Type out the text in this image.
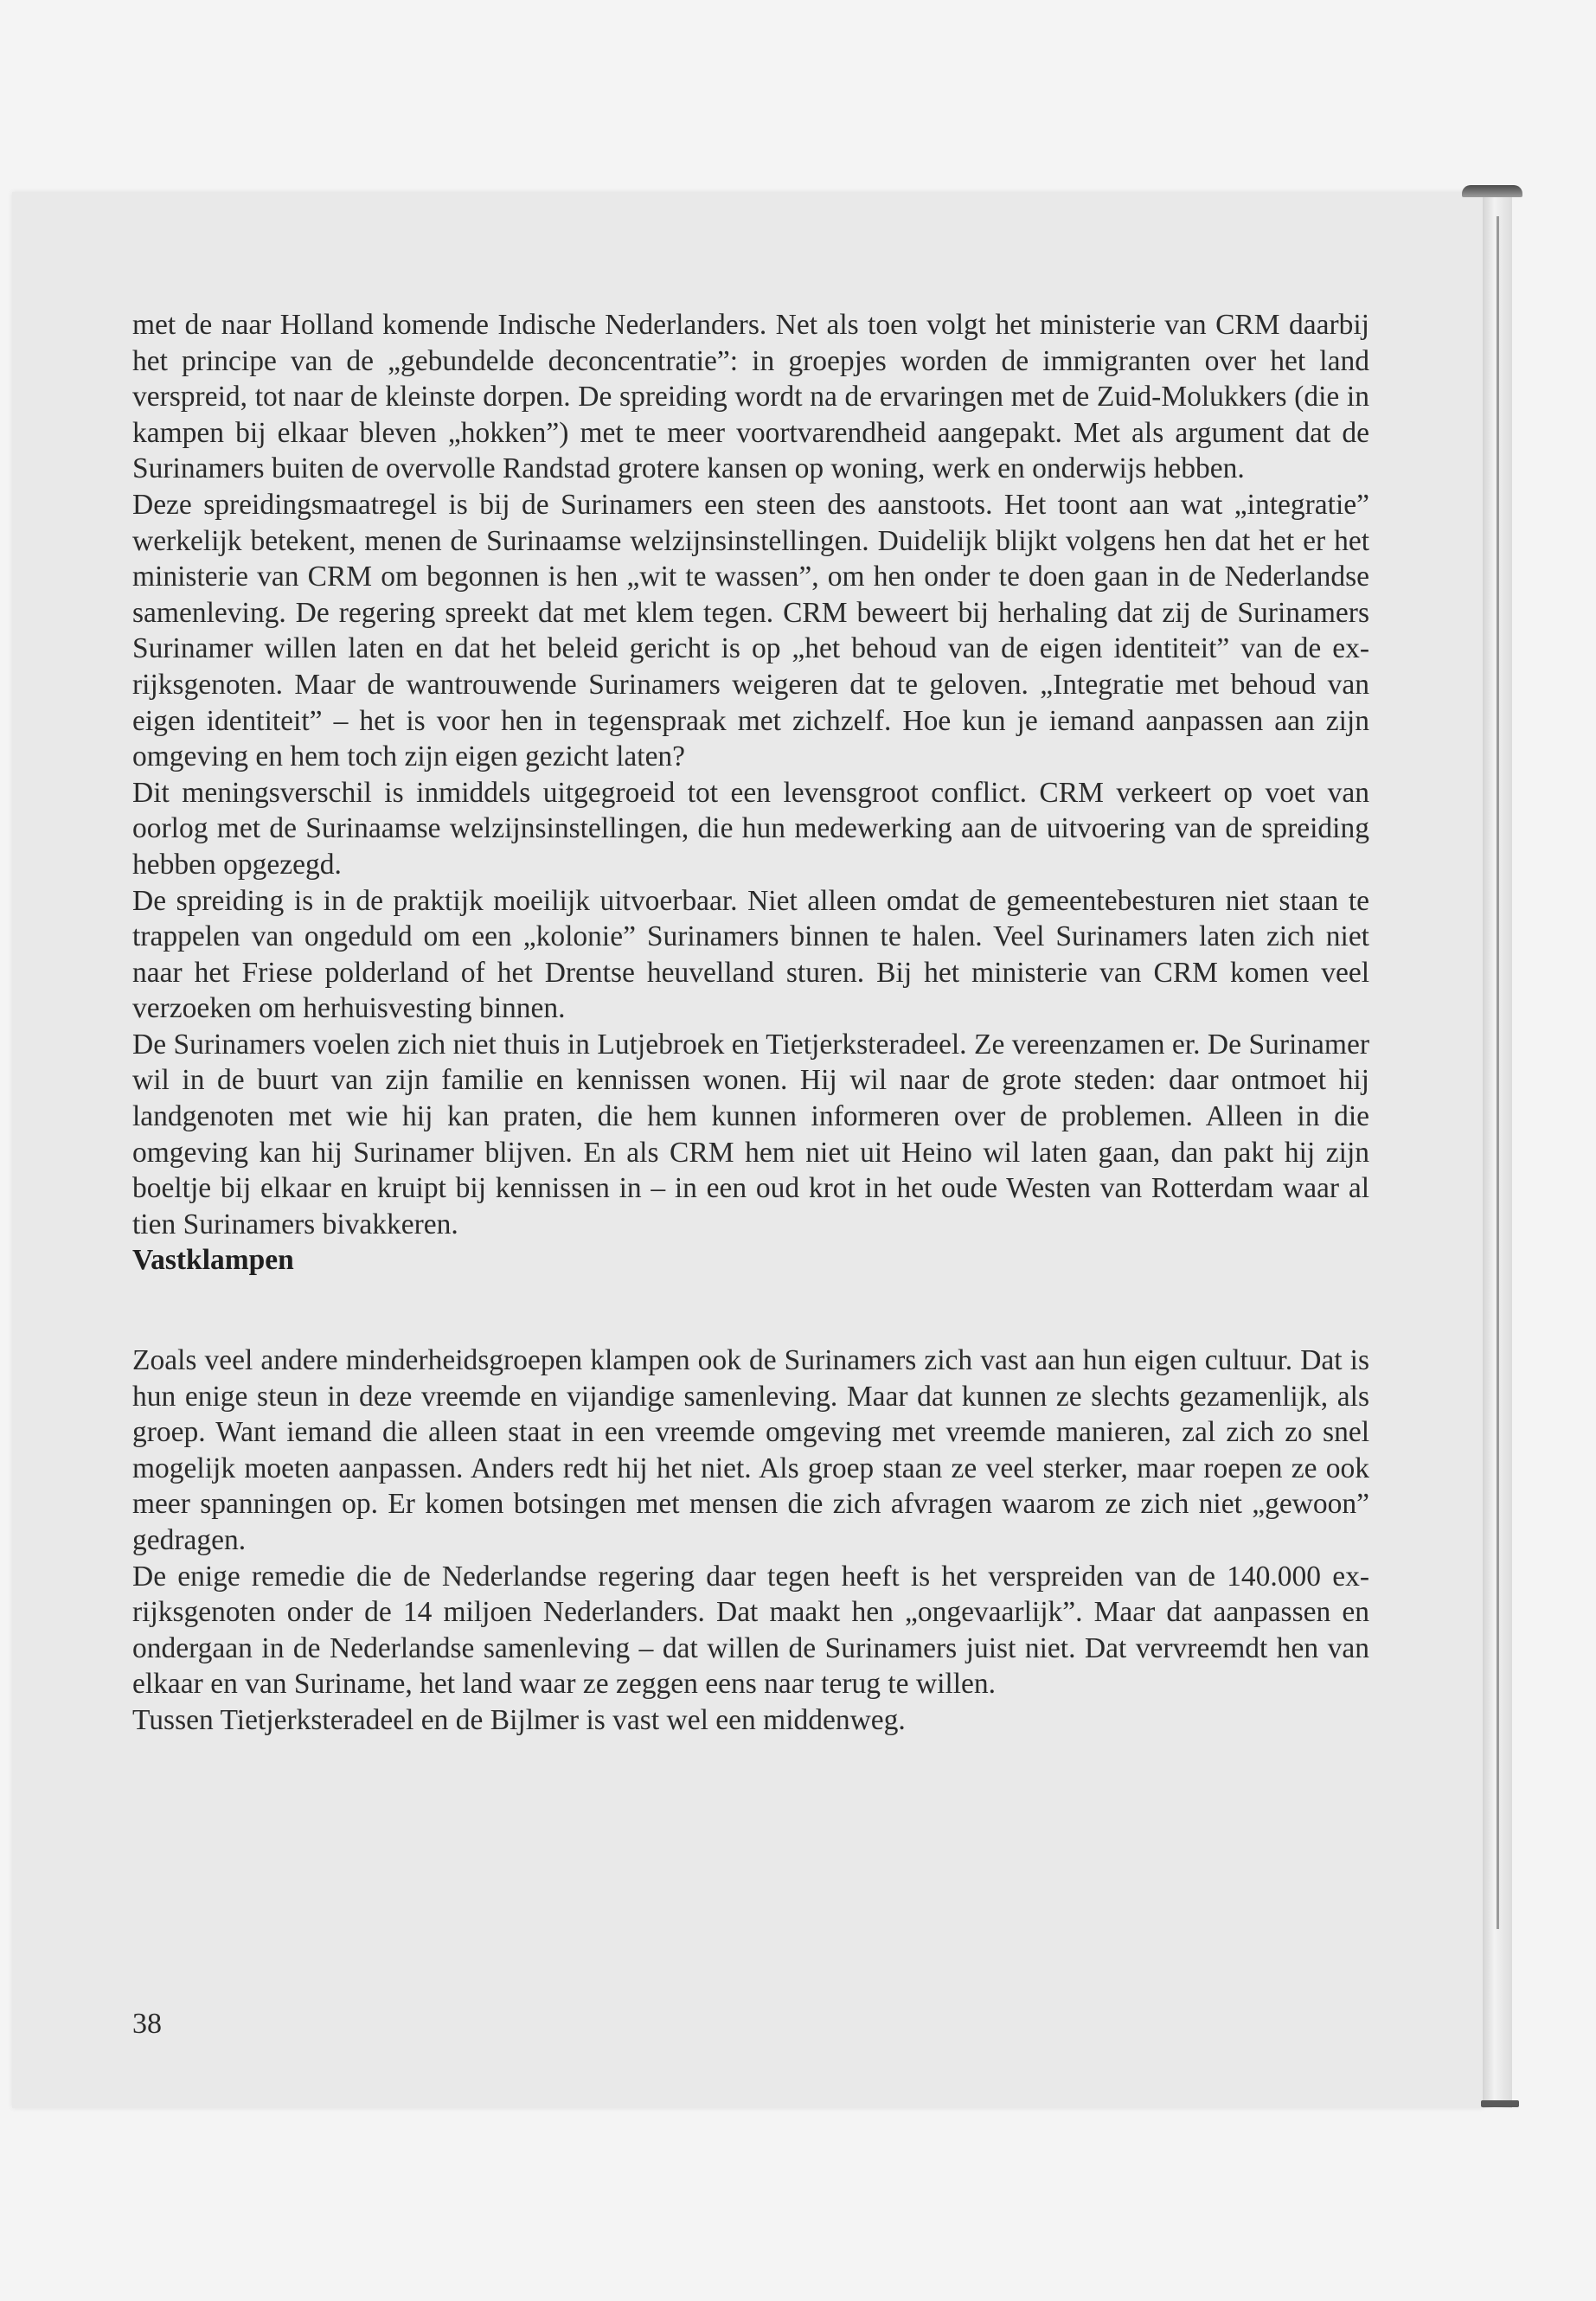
met de naar Holland komende Indische Nederlanders. Net als toen volgt het ministerie van CRM daarbij het principe van de „gebundelde deconcentratie”: in groepjes worden de immigranten over het land verspreid, tot naar de kleinste dorpen. De spreiding wordt na de ervaringen met de Zuid-Molukkers (die in kampen bij elkaar bleven „hokken”) met te meer voortvarendheid aangepakt. Met als argument dat de Surinamers buiten de overvolle Randstad grotere kansen op woning, werk en onderwijs hebben.

Deze spreidingsmaatregel is bij de Surinamers een steen des aanstoots. Het toont aan wat „integratie” werkelijk betekent, menen de Surinaamse welzijnsinstellingen. Duidelijk blijkt volgens hen dat het er het ministerie van CRM om begonnen is hen „wit te wassen”, om hen onder te doen gaan in de Nederlandse samenleving. De regering spreekt dat met klem tegen. CRM beweert bij herhaling dat zij de Surinamers Surinamer willen laten en dat het beleid gericht is op „het behoud van de eigen identiteit” van de ex-rijksgenoten. Maar de wantrouwende Surinamers weigeren dat te geloven. „Integratie met behoud van eigen identiteit” – het is voor hen in tegenspraak met zichzelf. Hoe kun je iemand aanpassen aan zijn omgeving en hem toch zijn eigen gezicht laten?

Dit meningsverschil is inmiddels uitgegroeid tot een levensgroot conflict. CRM verkeert op voet van oorlog met de Surinaamse welzijnsinstellingen, die hun medewerking aan de uitvoering van de spreiding hebben opgezegd.

De spreiding is in de praktijk moeilijk uitvoerbaar. Niet alleen omdat de gemeentebesturen niet staan te trappelen van ongeduld om een „kolonie” Surinamers binnen te halen. Veel Surinamers laten zich niet naar het Friese polderland of het Drentse heuvelland sturen. Bij het ministerie van CRM komen veel verzoeken om herhuisvesting binnen.

De Surinamers voelen zich niet thuis in Lutjebroek en Tietjerksteradeel. Ze vereenzamen er. De Surinamer wil in de buurt van zijn familie en kennissen wonen. Hij wil naar de grote steden: daar ontmoet hij landgenoten met wie hij kan praten, die hem kunnen informeren over de problemen. Alleen in die omgeving kan hij Surinamer blijven. En als CRM hem niet uit Heino wil laten gaan, dan pakt hij zijn boeltje bij elkaar en kruipt bij kennissen in – in een oud krot in het oude Westen van Rotterdam waar al tien Surinamers bivakkeren.

Vastklampen

Zoals veel andere minderheidsgroepen klampen ook de Surinamers zich vast aan hun eigen cultuur. Dat is hun enige steun in deze vreemde en vijandige samenleving. Maar dat kunnen ze slechts gezamenlijk, als groep. Want iemand die alleen staat in een vreemde omgeving met vreemde manieren, zal zich zo snel mogelijk moeten aanpassen. Anders redt hij het niet. Als groep staan ze veel sterker, maar roepen ze ook meer spanningen op. Er komen botsingen met mensen die zich afvragen waarom ze zich niet „gewoon” gedragen.

De enige remedie die de Nederlandse regering daar tegen heeft is het verspreiden van de 140.000 ex-rijksgenoten onder de 14 miljoen Nederlanders. Dat maakt hen „ongevaarlijk”. Maar dat aanpassen en ondergaan in de Nederlandse samenleving – dat willen de Surinamers juist niet. Dat vervreemdt hen van elkaar en van Suriname, het land waar ze zeggen eens naar terug te willen.

Tussen Tietjerksteradeel en de Bijlmer is vast wel een middenweg.

38
